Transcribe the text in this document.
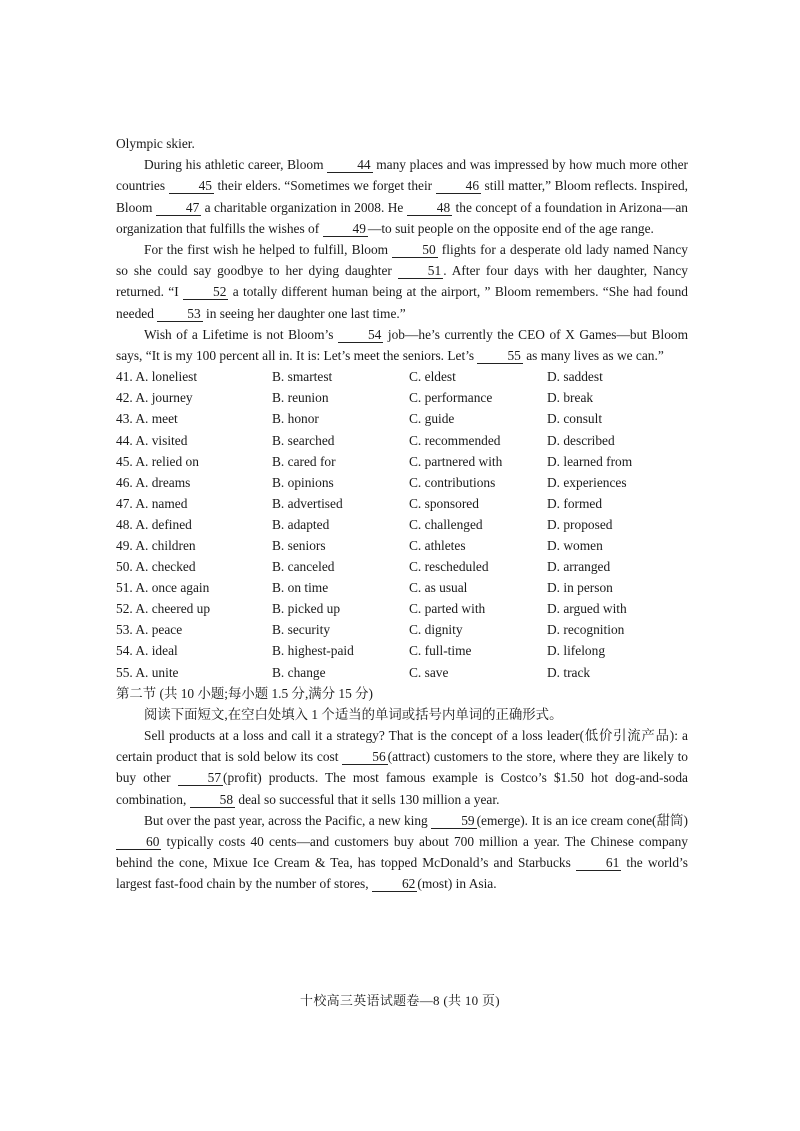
Olympic skier.

During his athletic career, Bloom 44 many places and was impressed by how much more other countries 45 their elders. “Sometimes we forget their 46 still matter,” Bloom reflects. Inspired, Bloom 47 a charitable organization in 2008. He 48 the concept of a foundation in Arizona—an organization that fulfills the wishes of 49 —to suit people on the opposite end of the age range.

For the first wish he helped to fulfill, Bloom 50 flights for a desperate old lady named Nancy so she could say goodbye to her dying daughter 51 . After four days with her daughter, Nancy returned. “I 52 a totally different human being at the airport, ” Bloom remembers. “She had found needed 53 in seeing her daughter one last time.”

Wish of a Lifetime is not Bloom’s 54 job—he’s currently the CEO of X Games—but Bloom says, “It is my 100 percent all in. It is: Let’s meet the seniors. Let’s 55 as many lives as we can.”

41. A. loneliest	B. smartest	C. eldest	D. saddest
42. A. journey	B. reunion	C. performance	D. break
43. A. meet	B. honor	C. guide	D. consult
44. A. visited	B. searched	C. recommended	D. described
45. A. relied on	B. cared for	C. partnered with	D. learned from
46. A. dreams	B. opinions	C. contributions	D. experiences
47. A. named	B. advertised	C. sponsored	D. formed
48. A. defined	B. adapted	C. challenged	D. proposed
49. A. children	B. seniors	C. athletes	D. women
50. A. checked	B. canceled	C. rescheduled	D. arranged
51. A. once again	B. on time	C. as usual	D. in person
52. A. cheered up	B. picked up	C. parted with	D. argued with
53. A. peace	B. security	C. dignity	D. recognition
54. A. ideal	B. highest-paid	C. full-time	D. lifelong
55. A. unite	B. change	C. save	D. track

第二节 (共 10 小题;每小题 1.5 分,满分 15 分)

阅读下面短文,在空白处填入 1 个适当的单词或括号内单词的正确形式。

Sell products at a loss and call it a strategy? That is the concept of a loss leader(低价引流产品): a certain product that is sold below its cost 56 (attract) customers to the store, where they are likely to buy other 57 (profit) products. The most famous example is Costco’s $1.50 hot dog-and-soda combination, 58 deal so successful that it sells 130 million a year.

But over the past year, across the Pacific, a new king 59 (emerge). It is an ice cream cone(甜筒) 60 typically costs 40 cents—and customers buy about 700 million a year. The Chinese company behind the cone, Mixue Ice Cream & Tea, has topped McDonald’s and Starbucks 61 the world’s largest fast-food chain by the number of stores, 62 (most) in Asia.

十校高三英语试题卷—8 (共 10 页)
